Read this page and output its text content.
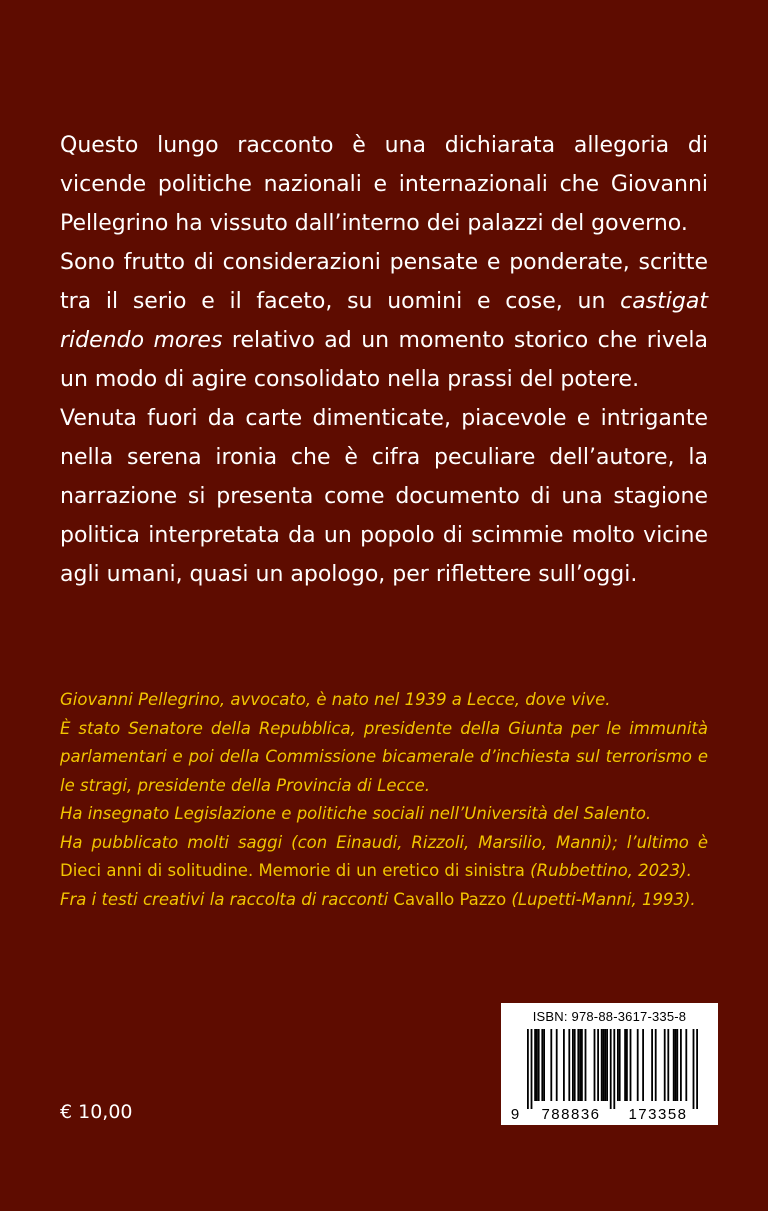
Questo lungo racconto è una dichiarata allegoria di vicende politiche nazionali e internazionali che Giovanni Pellegrino ha vissuto dall’interno dei palazzi del governo.

Sono frutto di considerazioni pensate e ponderate, scritte tra il serio e il faceto, su uomini e cose, un castigat ridendo mores relativo ad un momento storico che rivela un modo di agire consolidato nella prassi del potere.

Venuta fuori da carte dimenticate, piacevole e intrigante nella serena ironia che è cifra peculiare dell’autore, la narrazione si presenta come documento di una stagione politica interpretata da un popolo di scimmie molto vicine agli umani, quasi un apologo, per riflettere sull’oggi.

Giovanni Pellegrino, avvocato, è nato nel 1939 a Lecce, dove vive.

È stato Senatore della Repubblica, presidente della Giunta per le immunità parlamentari e poi della Commissione bicamerale d’inchiesta sul terrorismo e le stragi, presidente della Provincia di Lecce.

Ha insegnato Legislazione e politiche sociali nell’Università del Salento.

Ha pubblicato molti saggi (con Einaudi, Rizzoli, Marsilio, Manni); l’ultimo è Dieci anni di solitudine. Memorie di un eretico di sinistra (Rubbettino, 2023).

Fra i testi creativi la raccolta di racconti Cavallo Pazzo (Lupetti-Manni, 1993).

€ 10,00
ISBN: 978-88-3617-335-8
9 788836 173358
